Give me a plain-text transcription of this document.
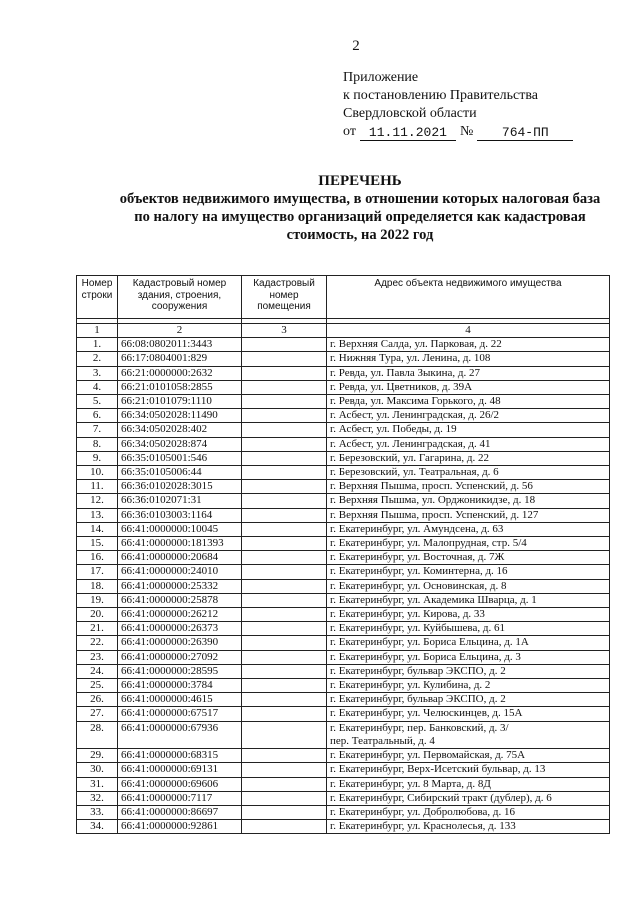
2
Приложение
к постановлению Правительства
Свердловской области
от 11.11.2021 №	764-ПП
ПЕРЕЧЕНЬ
объектов недвижимого имущества, в отношении которых налоговая база
по налогу на имущество организаций определяется как кадастровая
стоимость, на 2022 год
Номер строки	Кадастровый номер здания, строения, сооружения	Кадастровый номер помещения	Адрес объекта недвижимого имущества

1	2	3	4
1.	66:08:0802011:3443		г. Верхняя Салда, ул. Парковая, д. 22
2.	66:17:0804001:829		г. Нижняя Тура, ул. Ленина, д. 108
3.	66:21:0000000:2632		г. Ревда, ул. Павла Зыкина, д. 27
4.	66:21:0101058:2855		г. Ревда, ул. Цветников, д. 39А
5.	66:21:0101079:1110		г. Ревда, ул. Максима Горького, д. 48
6.	66:34:0502028:11490		г. Асбест, ул. Ленинградская, д. 26/2
7.	66:34:0502028:402		г. Асбест, ул. Победы, д. 19
8.	66:34:0502028:874		г. Асбест, ул. Ленинградская, д. 41
9.	66:35:0105001:546		г. Березовский, ул. Гагарина, д. 22
10.	66:35:0105006:44		г. Березовский, ул. Театральная, д. 6
11.	66:36:0102028:3015		г. Верхняя Пышма, просп. Успенский, д. 56
12.	66:36:0102071:31		г. Верхняя Пышма, ул. Орджоникидзе, д. 18
13.	66:36:0103003:1164		г. Верхняя Пышма, просп. Успенский, д. 127
14.	66:41:0000000:10045		г. Екатеринбург, ул. Амундсена, д. 63
15.	66:41:0000000:181393		г. Екатеринбург, ул. Малопрудная, стр. 5/4
16.	66:41:0000000:20684		г. Екатеринбург, ул. Восточная, д. 7Ж
17.	66:41:0000000:24010		г. Екатеринбург, ул. Коминтерна, д. 16
18.	66:41:0000000:25332		г. Екатеринбург, ул. Основинская, д. 8
19.	66:41:0000000:25878		г. Екатеринбург, ул. Академика Шварца, д. 1
20.	66:41:0000000:26212		г. Екатеринбург, ул. Кирова, д. 33
21.	66:41:0000000:26373		г. Екатеринбург, ул. Куйбышева, д. 61
22.	66:41:0000000:26390		г. Екатеринбург, ул. Бориса Ельцина, д. 1А
23.	66:41:0000000:27092		г. Екатеринбург, ул. Бориса Ельцина, д. 3
24.	66:41:0000000:28595		г. Екатеринбург, бульвар ЭКСПО, д. 2
25.	66:41:0000000:3784		г. Екатеринбург, ул. Кулибина, д. 2
26.	66:41:0000000:4615		г. Екатеринбург, бульвар ЭКСПО, д. 2
27.	66:41:0000000:67517		г. Екатеринбург, ул. Челюскинцев, д. 15А
28.	66:41:0000000:67936		г. Екатеринбург, пер. Банковский, д. 3/
пер. Театральный, д. 4
29.	66:41:0000000:68315		г. Екатеринбург, ул. Первомайская, д. 75А
30.	66:41:0000000:69131		г. Екатеринбург, Верх-Исетский бульвар, д. 13
31.	66:41:0000000:69606		г. Екатеринбург, ул. 8 Марта, д. 8Д
32.	66:41:0000000:7117		г. Екатеринбург, Сибирский тракт (дублер), д. 6
33.	66:41:0000000:86697		г. Екатеринбург, ул. Добролюбова, д. 16
34.	66:41:0000000:92861		г. Екатеринбург, ул. Краснолесья, д. 133
